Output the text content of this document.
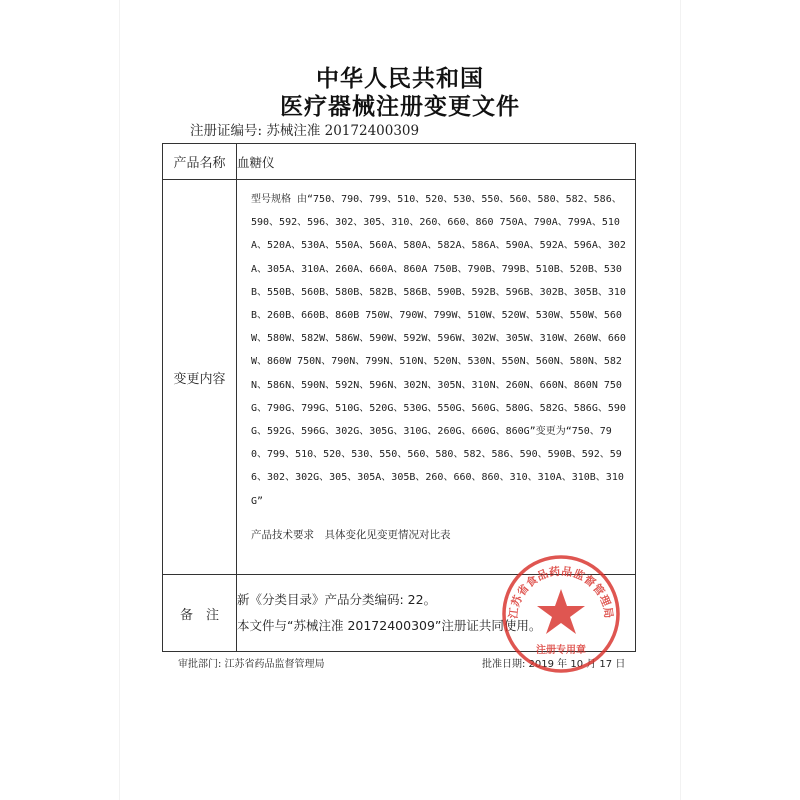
中华人民共和国
医疗器械注册变更文件
注册证编号: 苏械注准 20172400309
产品名称	血糖仪
变更内容	型号规格 由“750、790、799、510、520、530、550、560、580、582、586、590、592、596、302、305、310、260、660、860 750A、790A、799A、510A、520A、530A、550A、560A、580A、582A、586A、590A、592A、596A、302A、305A、310A、260A、660A、860A 750B、790B、799B、510B、520B、530B、550B、560B、580B、582B、586B、590B、592B、596B、302B、305B、310B、260B、660B、860B 750W、790W、799W、510W、520W、530W、550W、560W、580W、582W、586W、590W、592W、596W、302W、305W、310W、260W、660W、860W 750N、790N、799N、510N、520N、530N、550N、560N、580N、582N、586N、590N、592N、596N、302N、305N、310N、260N、660N、860N 750G、790G、799G、510G、520G、530G、550G、560G、580G、582G、586G、590G、592G、596G、302G、305G、310G、260G、660G、860G”变更为“750、790、799、510、520、530、550、560、580、582、586、590、590B、592、596、302、302G、305、305A、305B、260、660、860、310、310A、310B、310G”
产品技术要求　具体变化见变更情况对比表

备　注	新《分类目录》产品分类编码: 22。
本文件与“苏械注准 20172400309”注册证共同使用。
审批部门: 江苏省药品监督管理局	批准日期: 2019 年 10 月 17 日
江苏省食品药品监督管理局
注册专用章
